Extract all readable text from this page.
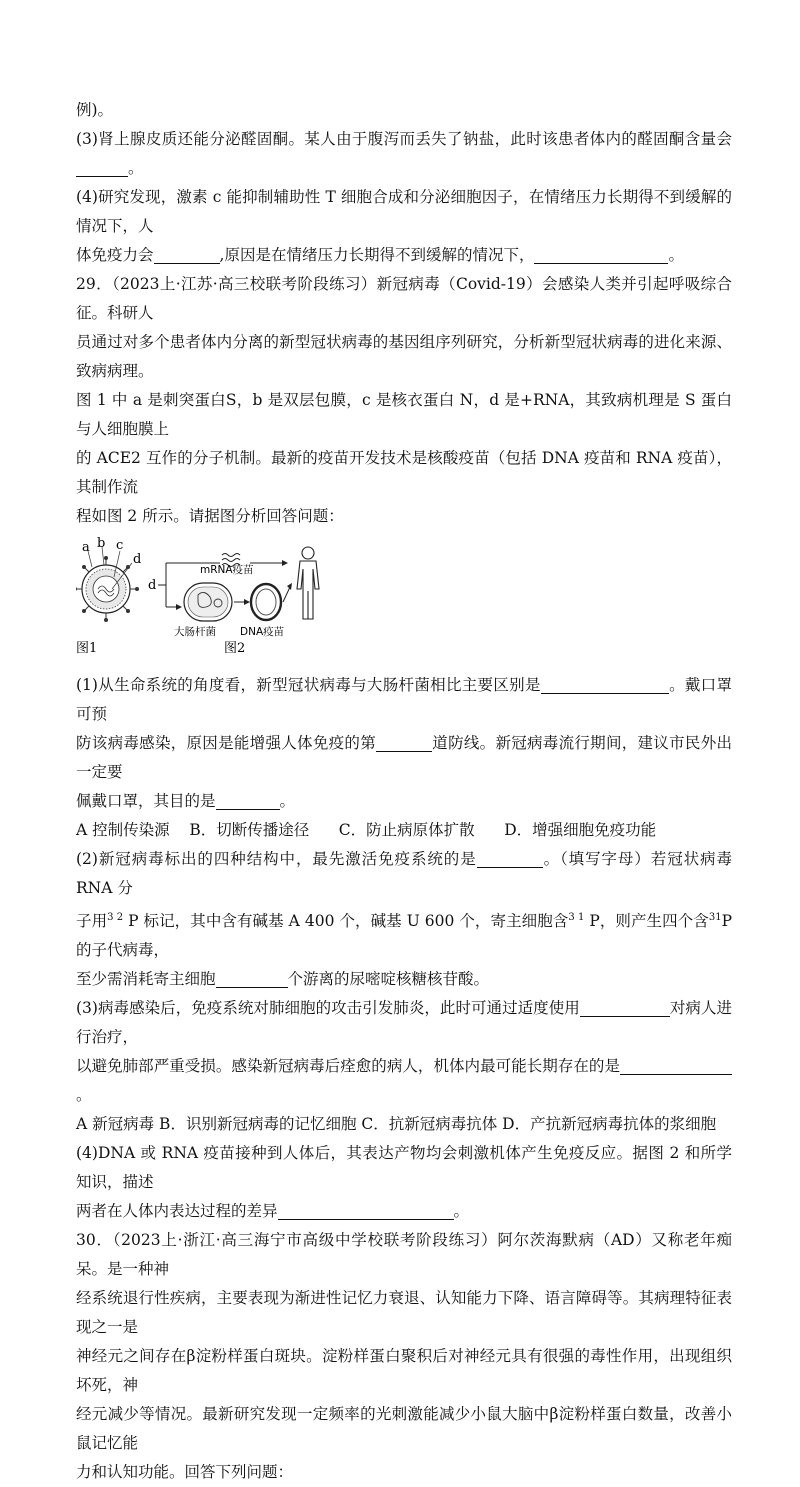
例)。

(3)肾上腺皮质还能分泌醛固酮。某人由于腹泻而丢失了钠盐，此时该患者体内的醛固酮含量会。

(4)研究发现，激素 c 能抑制辅助性 T 细胞合成和分泌细胞因子，在情绪压力长期得不到缓解的情况下，人

体免疫力会	,原因是在情绪压力长期得不到缓解的情况下，	。

29．（2023上·江苏·高三校联考阶段练习）新冠病毒（Covid-19）会感染人类并引起呼吸综合征。科研人

员通过对多个患者体内分离的新型冠状病毒的基因组序列研究，分析新型冠状病毒的进化来源、致病病理。

图 1 中 a 是刺突蛋白S，b 是双层包膜，c 是核衣蛋白 N，d 是+RNA，其致病机理是 S 蛋白与人细胞膜上

的 ACE2 互作的分子机制。最新的疫苗开发技术是核酸疫苗（包括 DNA 疫苗和 RNA 疫苗），其制作流

程如图 2 所示。请据图分析回答问题：

a b c
d
d
mRNA疫苗
大肠杆菌 DNA疫苗
图1	图2

(1)从生命系统的角度看，新型冠状病毒与大肠杆菌相比主要区别是	。戴口罩可预

防该病毒感染，原因是能增强人体免疫的第	道防线。新冠病毒流行期间，建议市民外出一定要

佩戴口罩，其目的是	。

A 控制传染源    B．切断传播途径      C．防止病原体扩散      D．增强细胞免疫功能

(2)新冠病毒标出的四种结构中，最先激活免疫系统的是	。（填写字母）若冠状病毒 RNA 分

子用$^{3 2}$ P 标记，其中含有碱基 A 400 个，碱基 U 600 个，寄主细胞含$^{3 1}$ P，则产生四个含$^{31}$P 的子代病毒，

至少需消耗寄主细胞	个游离的尿嘧啶核糖核苷酸。

(3)病毒感染后，免疫系统对肺细胞的攻击引发肺炎，此时可通过适度使用	对病人进行治疗，

以避免肺部严重受损。感染新冠病毒后痊愈的病人，机体内最可能长期存在的是。

A 新冠病毒 B．识别新冠病毒的记忆细胞 C．抗新冠病毒抗体 D．产抗新冠病毒抗体的浆细胞

(4)DNA 或 RNA 疫苗接种到人体后，其表达产物均会刺激机体产生免疫反应。据图 2 和所学知识，描述

两者在人体内表达过程的差异	。

30．（2023上·浙江·高三海宁市高级中学校联考阶段练习）阿尔茨海默病（AD）又称老年痴呆。是一种神

经系统退行性疾病，主要表现为渐进性记忆力衰退、认知能力下降、语言障碍等。其病理特征表现之一是

神经元之间存在β淀粉样蛋白斑块。淀粉样蛋白聚积后对神经元具有很强的毒性作用，出现组织坏死，神

经元减少等情况。最新研究发现一定频率的光刺激能减少小鼠大脑中β淀粉样蛋白数量，改善小鼠记忆能

力和认知功能。回答下列问题：
